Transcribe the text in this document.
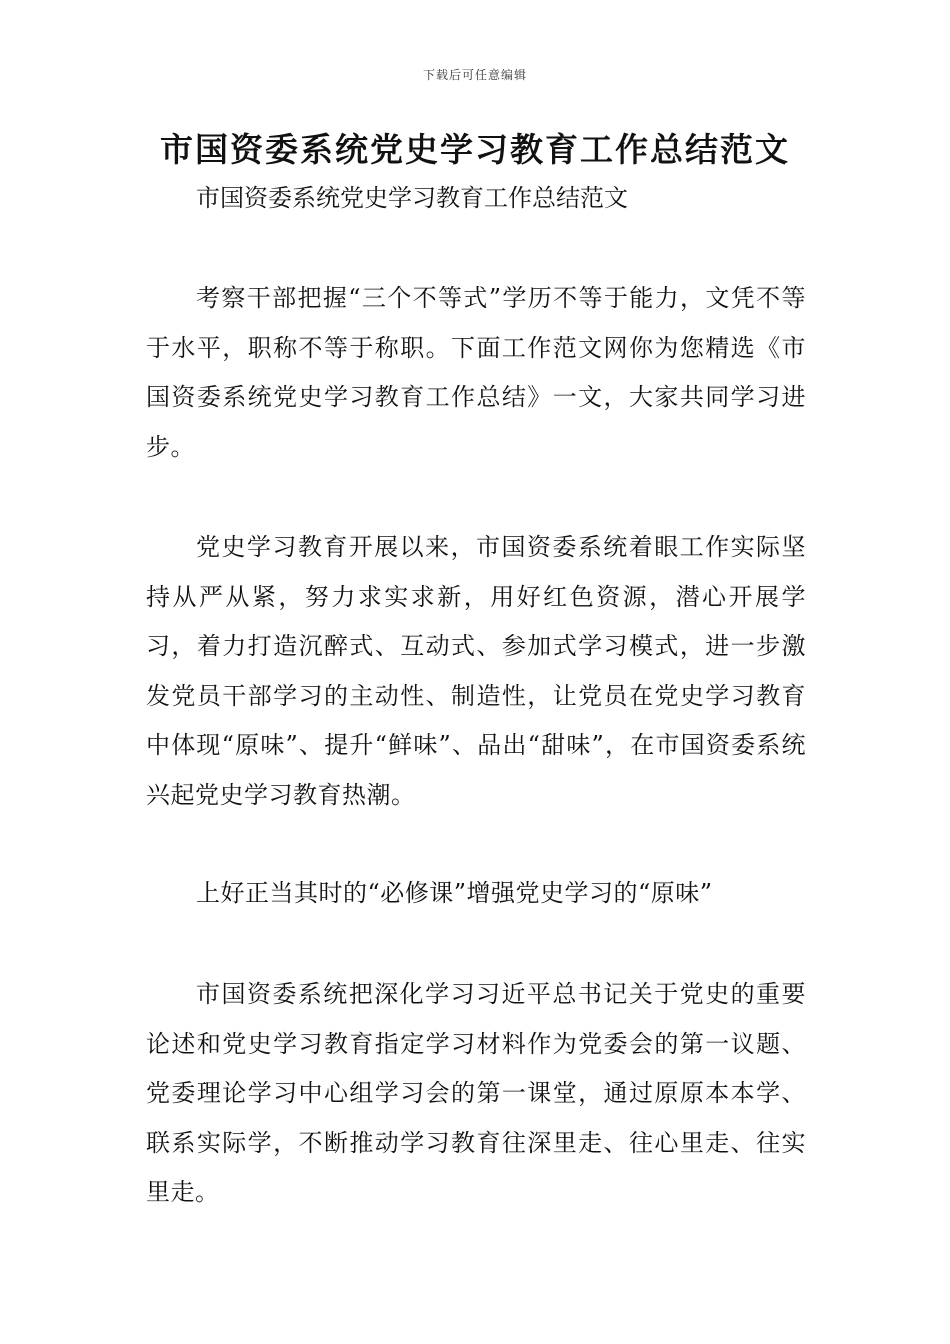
下载后可任意编辑
市国资委系统党史学习教育工作总结范文

市国资委系统党史学习教育工作总结范文

考察干部把握“三个不等式”学历不等于能力，文凭不等于水平，职称不等于称职。下面工作范文网你为您精选《市国资委系统党史学习教育工作总结》一文，大家共同学习进步。

党史学习教育开展以来，市国资委系统着眼工作实际坚持从严从紧，努力求实求新，用好红色资源，潜心开展学习，着力打造沉醉式、互动式、参加式学习模式，进一步激发党员干部学习的主动性、制造性，让党员在党史学习教育中体现“原味”、提升“鲜味”、品出“甜味”，在市国资委系统兴起党史学习教育热潮。

上好正当其时的“必修课”增强党史学习的“原味”

市国资委系统把深化学习习近平总书记关于党史的重要论述和党史学习教育指定学习材料作为党委会的第一议题、党委理论学习中心组学习会的第一课堂，通过原原本本学、联系实际学，不断推动学习教育往深里走、往心里走、往实里走。
